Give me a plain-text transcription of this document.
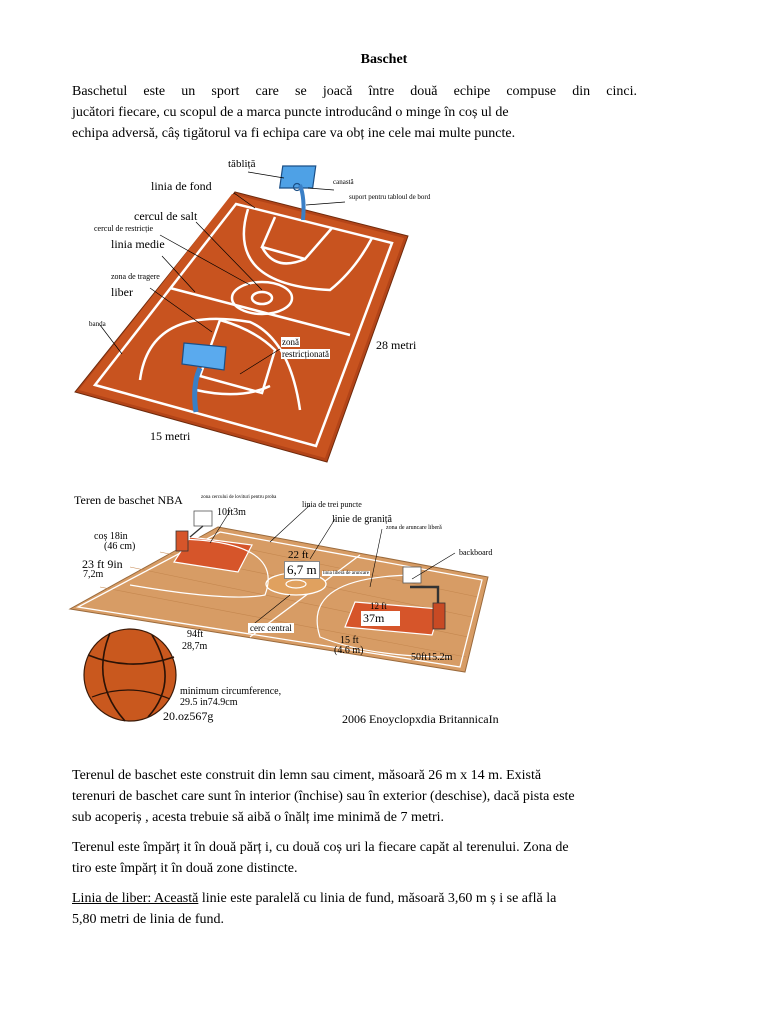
Baschet
Baschetul este un sport care se joacă între două echipe compuse din cinci.
jucători fiecare, cu scopul de a marca puncte introducând o minge în coș ul de
echipa adversă, câș tigătorul va fi echipa care va obț ine cele mai multe puncte.
tăbliță
canastă
linia de fond
suport pentru tabloul de bord
cercul de salt
cercul de restricție
linia medie
zona de tragere
liber
banda
zonă
restricționată
28 metri
15 metri
Teren de baschet NBA	zona cercului de lovituri pentru proba
10ft3m
linia de trei puncte
linie de graniță
zona de aruncare liberă
backboard
coș 18in
(46 cm)
23 ft 9in
7,2m
22 ft
6,7 m	linia liberă de aruncare
12 ft
37m
cerc central
15 ft
(4.6 m)
94ft
28,7m
50ft15.2m
minimum circumference,
29.5 in74.9cm
20.oz567g	2006 Enoyclopxdia BritannicaIn
Terenul de baschet este construit din lemn sau ciment, măsoară 26 m x 14 m. Există
terenuri de baschet care sunt în interior (închise) sau în exterior (deschise), dacă pista este
sub acoperiș , acesta trebuie să aibă o înălț ime minimă de 7 metri.
Terenul este împărț it în două părț i, cu două coș uri la fiecare capăt al terenului. Zona de
tiro este împărț it în două zone distincte.
Linia de liber: Această linie este paralelă cu linia de fund, măsoară 3,60 m ș i se află la
5,80 metri de linia de fund.
